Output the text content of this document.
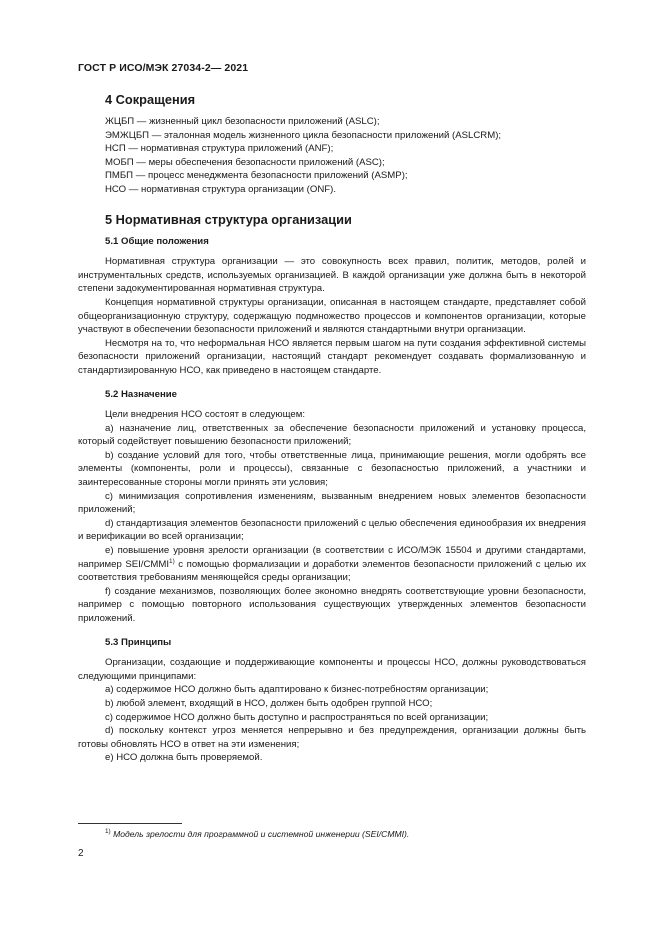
ГОСТ Р ИСО/МЭК 27034-2— 2021
4 Сокращения

ЖЦБП — жизненный цикл безопасности приложений (ASLC);

ЭМЖЦБП — эталонная модель жизненного цикла безопасности приложений (ASLCRM);

НСП — нормативная структура приложений (ANF);

МОБП — меры обеспечения безопасности приложений (ASC);

ПМБП — процесс менеджмента безопасности приложений (ASMP);

НСО — нормативная структура организации (ONF).

5 Нормативная структура организации
5.1 Общие положения

Нормативная структура организации — это совокупность всех правил, политик, методов, ролей и инструментальных средств, используемых организацией. В каждой организации уже должна быть в некоторой степени задокументированная нормативная структура.

Концепция нормативной структуры организации, описанная в настоящем стандарте, представляет собой общеорганизационную структуру, содержащую подмножество процессов и компонентов организации, которые участвуют в обеспечении безопасности приложений и являются стандартными внутри организации.

Несмотря на то, что неформальная НСО является первым шагом на пути создания эффективной системы безопасности приложений организации, настоящий стандарт рекомендует создавать формализованную и стандартизированную НСО, как приведено в настоящем стандарте.

5.2 Назначение

Цели внедрения НСО состоят в следующем:

а) назначение лиц, ответственных за обеспечение безопасности приложений и установку процесса, который содействует повышению безопасности приложений;

b) создание условий для того, чтобы ответственные лица, принимающие решения, могли одобрять все элементы (компоненты, роли и процессы), связанные с безопасностью приложений, а участники и заинтересованные стороны могли принять эти условия;

c) минимизация сопротивления изменениям, вызванным внедрением новых элементов безопасности приложений;

d) стандартизация элементов безопасности приложений с целью обеспечения единообразия их внедрения и верификации во всей организации;

е) повышение уровня зрелости организации (в соответствии с ИСО/МЭК 15504 и другими стандартами, например SEI/CMMI$^{1)}$ с помощью формализации и доработки элементов безопасности приложений с целью их соответствия требованиям меняющейся среды организации;

f) создание механизмов, позволяющих более экономно внедрять соответствующие уровни безопасности, например с помощью повторного использования существующих утвержденных элементов безопасности приложений.

5.3 Принципы

Организации, создающие и поддерживающие компоненты и процессы НСО, должны руководствоваться следующими принципами:

а) содержимое НСО должно быть адаптировано к бизнес-потребностям организации;

b) любой элемент, входящий в НСО, должен быть одобрен группой НСО;

c) содержимое НСО должно быть доступно и распространяться по всей организации;

d) поскольку контекст угроз меняется непрерывно и без предупреждения, организации должны быть готовы обновлять НСО в ответ на эти изменения;

е) НСО должна быть проверяемой.

$^{1)}$ Модель зрелости для программной и системной инженерии (SEI/CMMI).
2
